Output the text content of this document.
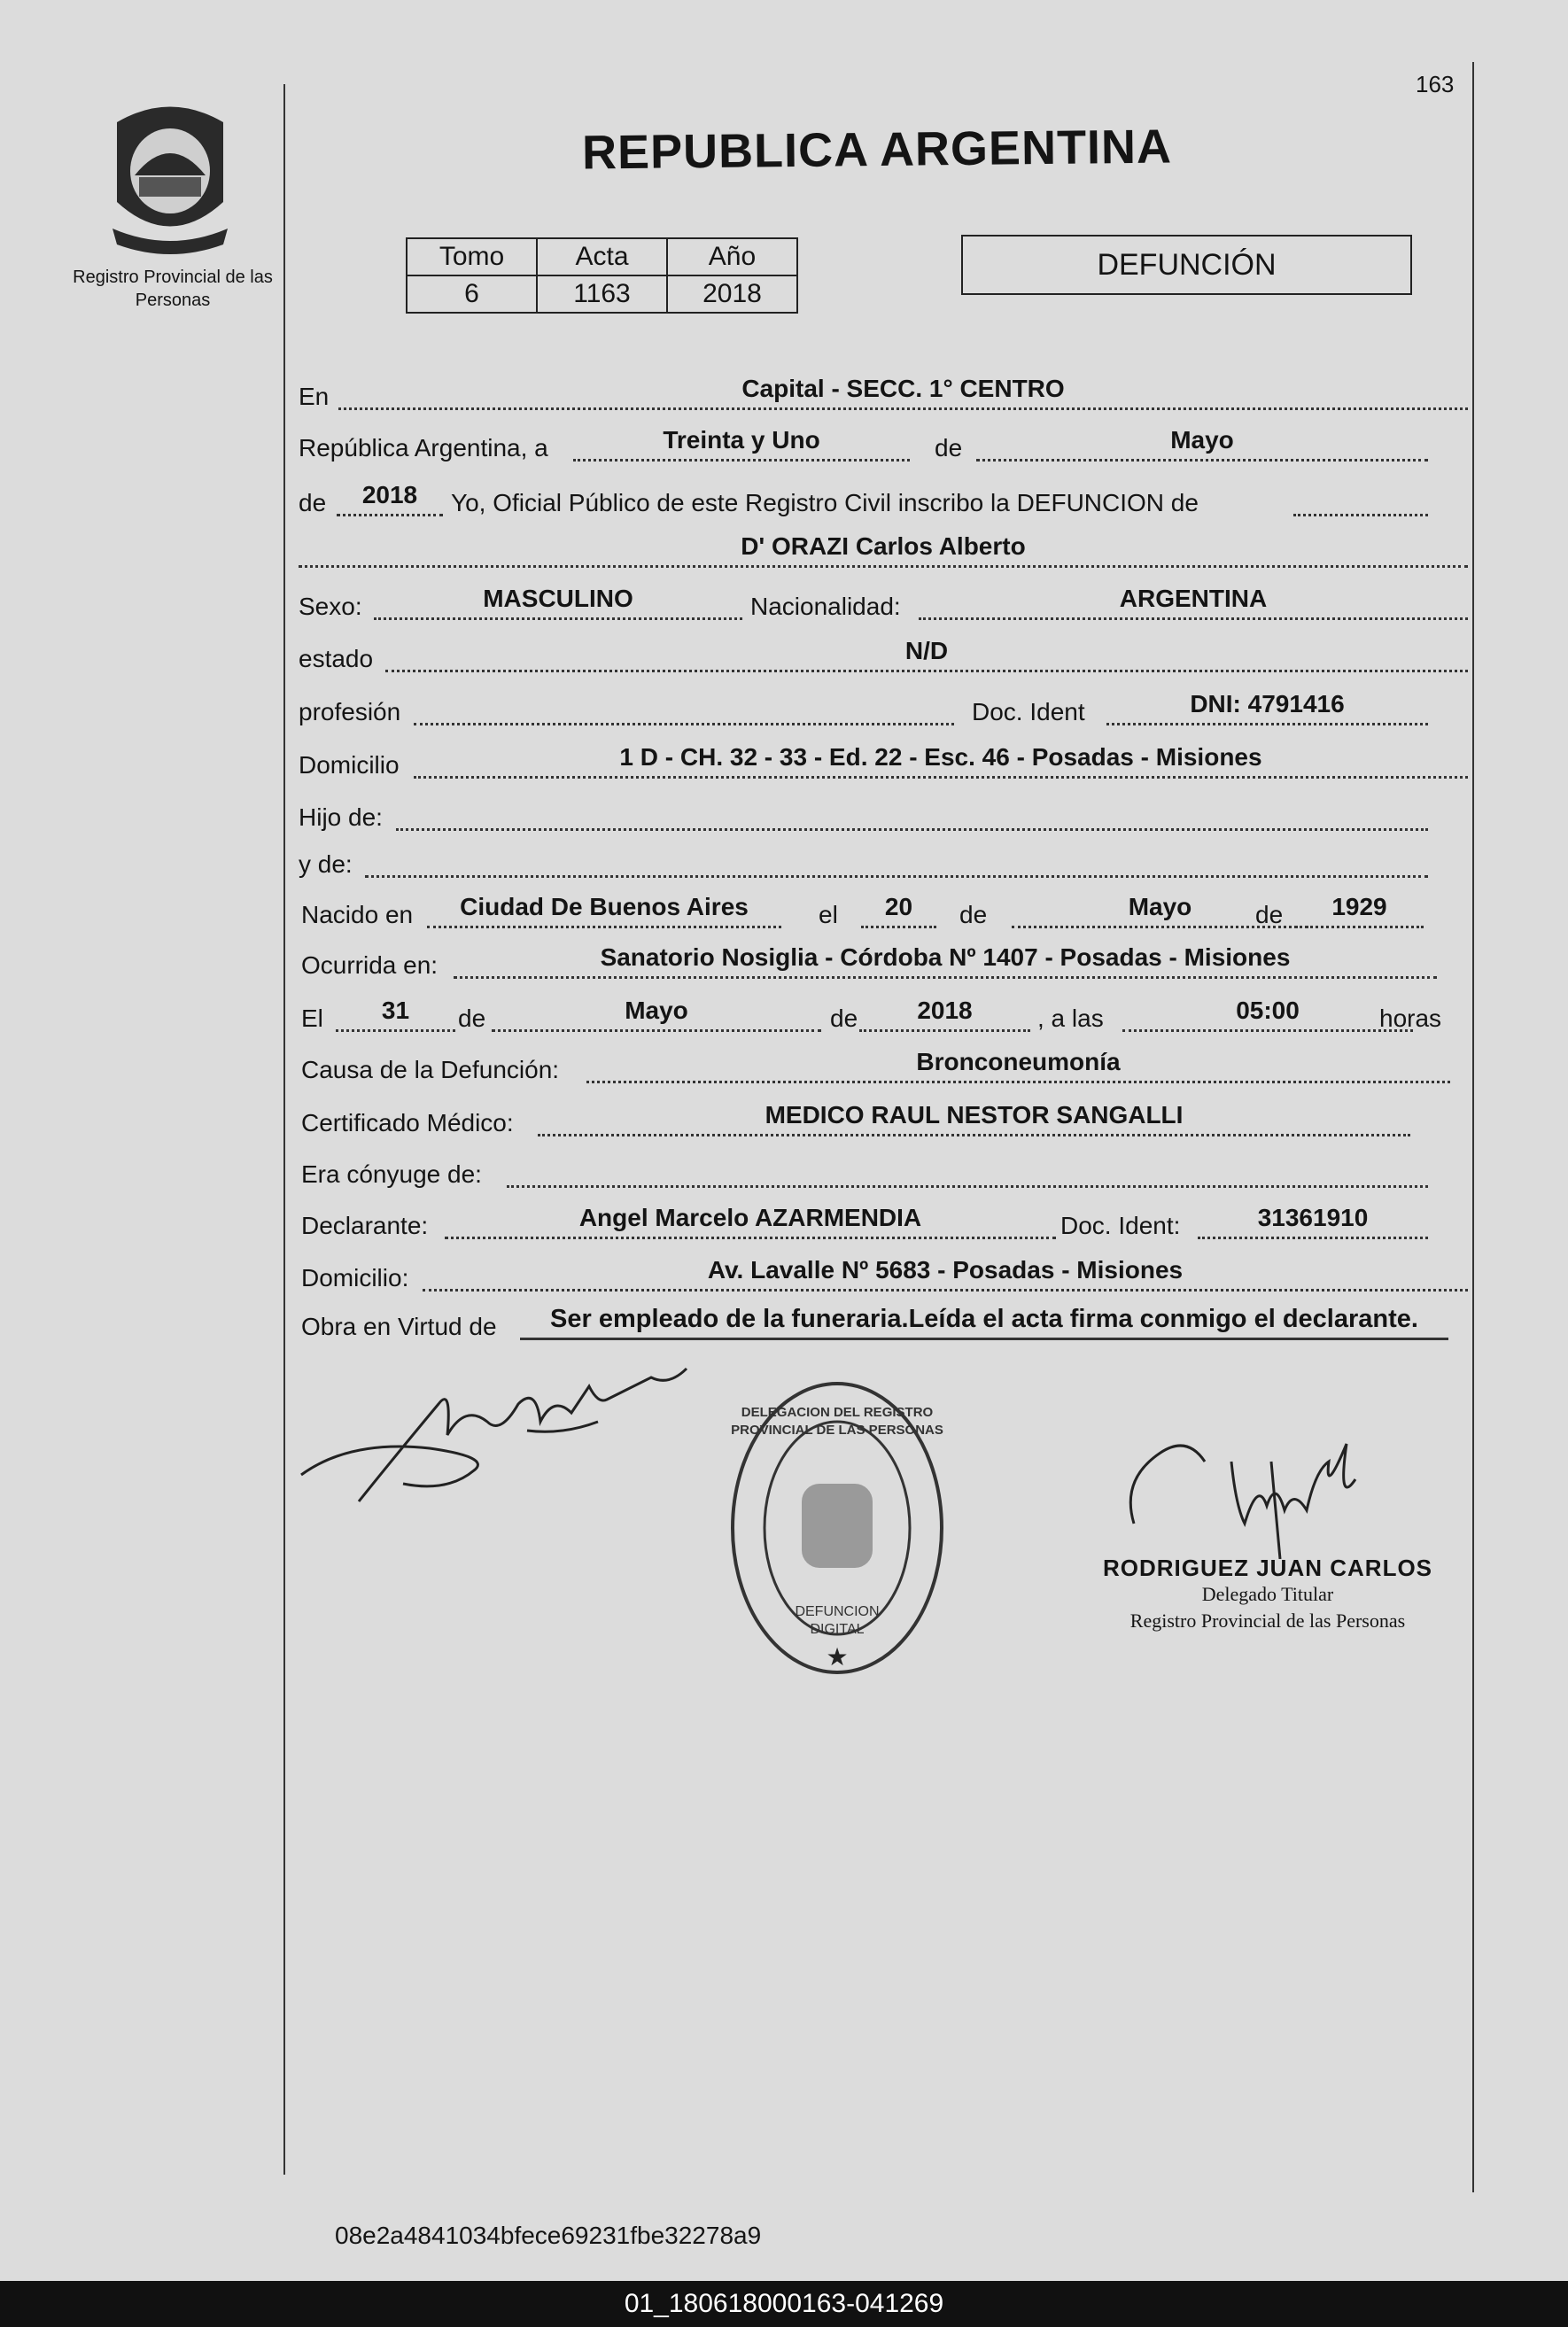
Registro Provincial de las Personas
163
REPUBLICA ARGENTINA
Tomo	Acta	Año
6	1163	2018
DEFUNCIÓN
En	Capital - SECC. 1° CENTRO
República Argentina, a	Treinta y Uno	de	Mayo
de	2018	Yo, Oficial Público de este Registro Civil inscribo la DEFUNCION de
D' ORAZI Carlos Alberto
Sexo:	MASCULINO	Nacionalidad:	ARGENTINA
estado	N/D
profesión	Doc. Ident	DNI: 4791416
Domicilio	1 D - CH. 32 - 33 - Ed. 22 - Esc. 46 - Posadas - Misiones
Hijo de:
y de:
Nacido en	Ciudad De Buenos Aires	el	20	de	Mayo	de	1929
Ocurrida en:	Sanatorio Nosiglia - Córdoba Nº 1407 - Posadas - Misiones
El	31	de	Mayo	de	2018	, a las	05:00	horas
Causa de la Defunción:	Bronconeumonía
Certificado Médico:	MEDICO RAUL NESTOR SANGALLI
Era cónyuge de:
Declarante:	Angel Marcelo AZARMENDIA	Doc. Ident:	31361910
Domicilio:	Av. Lavalle Nº 5683 - Posadas - Misiones
Obra en Virtud de	Ser empleado de la funeraria.Leída el acta firma conmigo el declarante.
★
DELEGACION DEL REGISTRO PROVINCIAL DE LAS PERSONAS
DEFUNCION DIGITAL
RODRIGUEZ JUAN CARLOS
Delegado Titular
Registro Provincial de las Personas
08e2a4841034bfece69231fbe32278a9
01_180618000163-041269
